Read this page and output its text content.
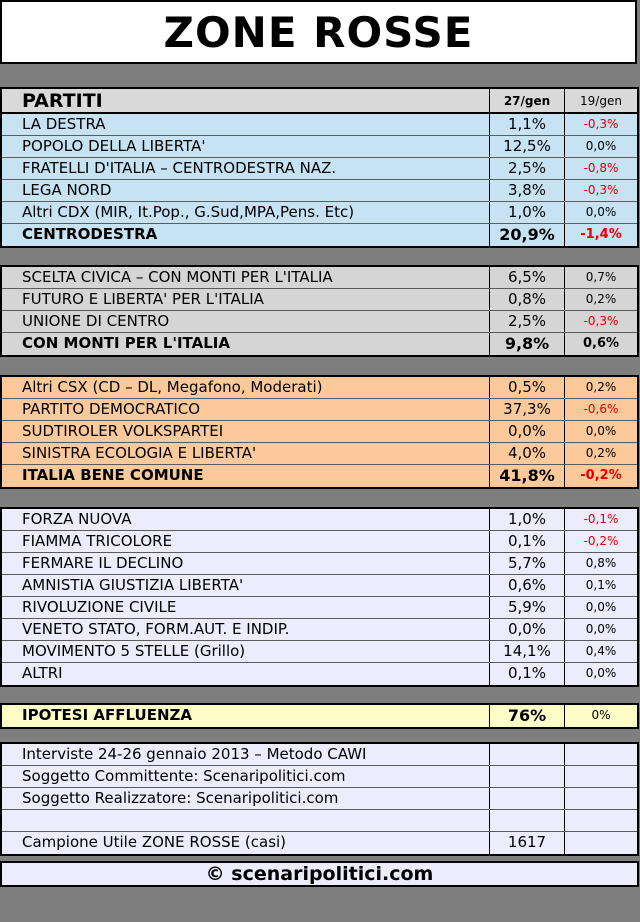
ZONE ROSSE
PARTITI	27/gen	19/gen
LA DESTRA	1,1%	-0,3%
POPOLO DELLA LIBERTA'	12,5%	0,0%
FRATELLI D'ITALIA – CENTRODESTRA NAZ.	2,5%	-0,8%
LEGA NORD	3,8%	-0,3%
Altri CDX (MIR, It.Pop., G.Sud,MPA,Pens. Etc)	1,0%	0,0%
CENTRODESTRA	20,9%	-1,4%
SCELTA CIVICA – CON MONTI PER L'ITALIA	6,5%	0,7%
FUTURO E LIBERTA' PER L'ITALIA	0,8%	0,2%
UNIONE DI CENTRO	2,5%	-0,3%
CON MONTI PER L'ITALIA	9,8%	0,6%
Altri CSX (CD – DL, Megafono, Moderati)	0,5%	0,2%
PARTITO DEMOCRATICO	37,3%	-0,6%
SUDTIROLER VOLKSPARTEI	0,0%	0,0%
SINISTRA ECOLOGIA E LIBERTA'	4,0%	0,2%
ITALIA BENE COMUNE	41,8%	-0,2%
FORZA NUOVA	1,0%	-0,1%
FIAMMA TRICOLORE	0,1%	-0,2%
FERMARE IL DECLINO	5,7%	0,8%
AMNISTIA GIUSTIZIA LIBERTA'	0,6%	0,1%
RIVOLUZIONE CIVILE	5,9%	0,0%
VENETO STATO, FORM.AUT. E INDIP.	0,0%	0,0%
MOVIMENTO 5 STELLE (Grillo)	14,1%	0,4%
ALTRI	0,1%	0,0%
IPOTESI AFFLUENZA	76%	0%
Interviste 24-26 gennaio 2013 – Metodo CAWI
Soggetto Committente: Scenaripolitici.com
Soggetto Realizzatore: Scenaripolitici.com
Campione Utile ZONE ROSSE (casi)	1617
© scenaripolitici.com
